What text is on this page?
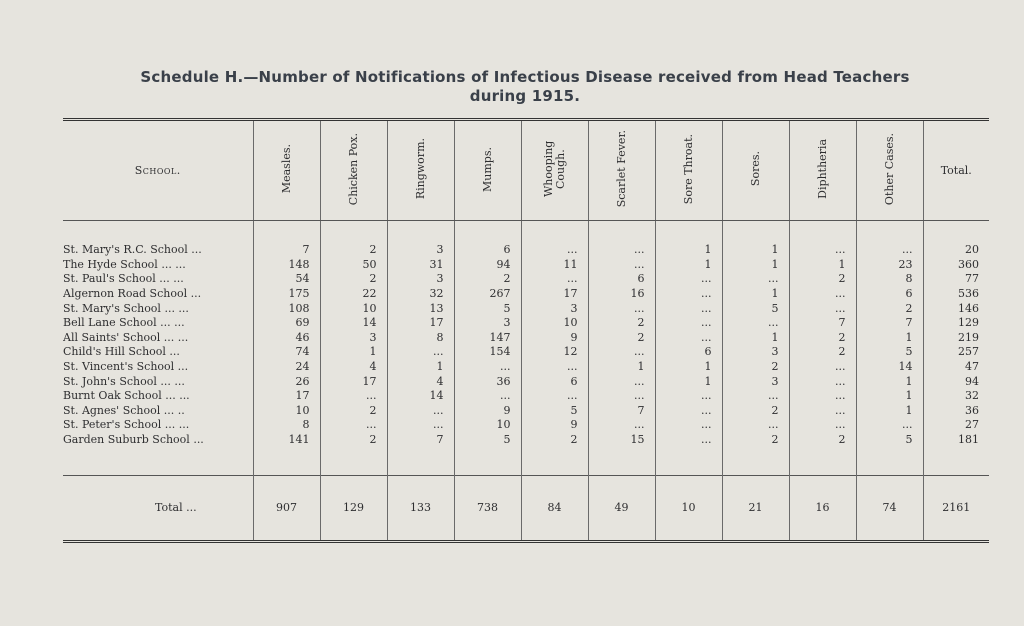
Schedule H.—Number of Notifications of Infectious Disease received from Head Teachers
during 1915.
School.	Measles.	Chicken Pox.	Ringworm.	Mumps.	Whooping Cough.	Scarlet Fever.	Sore Throat.	Sores.	Diphtheria	Other Cases.	Total.
St. Mary's R.C. School ...	7	2	3	6	...	...	1	1	...	...	20
The Hyde School ... ...	148	50	31	94	11	...	1	1	1	23	360
St. Paul's School ... ...	54	2	3	2	...	6	...	...	2	8	77
Algernon Road School ...	175	22	32	267	17	16	...	1	...	6	536
St. Mary's School ... ...	108	10	13	5	3	...	...	5	...	2	146
Bell Lane School ... ...	69	14	17	3	10	2	...	...	7	7	129
All Saints' School ... ...	46	3	8	147	9	2	...	1	2	1	219
Child's Hill School ...	74	1	...	154	12	...	6	3	2	5	257
St. Vincent's School ...	24	4	1	...	...	1	1	2	...	14	47
St. John's School ... ...	26	17	4	36	6	...	1	3	...	1	94
Burnt Oak School ... ...	17	...	14	...	...	...	...	...	...	1	32
St. Agnes' School ... ..	10	2	...	9	5	7	...	2	...	1	36
St. Peter's School ... ...	8	...	...	10	9	...	...	...	...	...	27
Garden Suburb School ...	141	2	7	5	2	15	...	2	2	5	181

Total ...	907	129	133	738	84	49	10	21	16	74	2161
